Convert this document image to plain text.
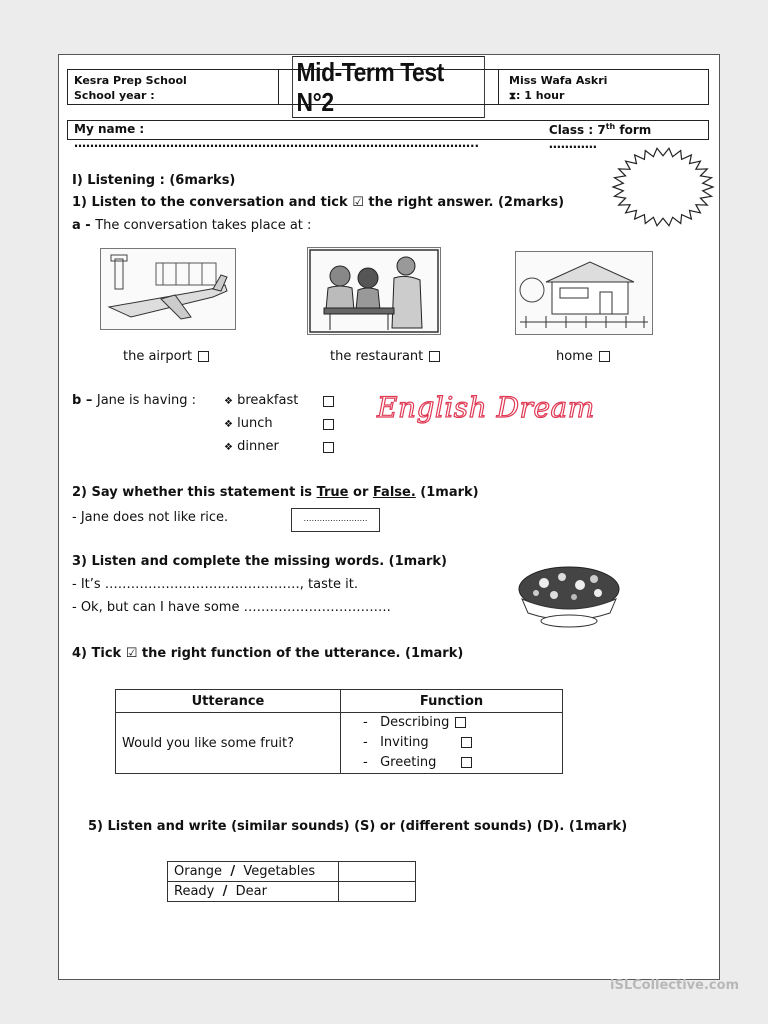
Kesra Prep School
School year :
Mid-Term Test N°2
Miss Wafa Askri
⧗: 1 hour
My name : ………………………………………………………………………………………..
Class : 7th form …………
I) Listening : (6marks)
1) Listen to the conversation and tick ☑ the right answer. (2marks)
a - The conversation takes place at :
the airport	the restaurant	home
b – Jane is having :	❖ breakfast
❖ lunch
❖ dinner
English Dream
2) Say whether this statement is True or False. (1mark)
- Jane does not like rice.	……………………
3) Listen and complete the missing words. (1mark)
- It’s ………………………………………, taste it.
- Ok, but can I have some …………………………….
4) Tick ☑ the right function of the utterance. (1mark)
Utterance	Function
Would you like some fruit?	-   Describing
-   Inviting
-   Greeting
5) Listen and write (similar sounds) (S) or (different sounds) (D). (1mark)
Orange / Vegetables	
Ready / Dear	
iSLCollective.com
